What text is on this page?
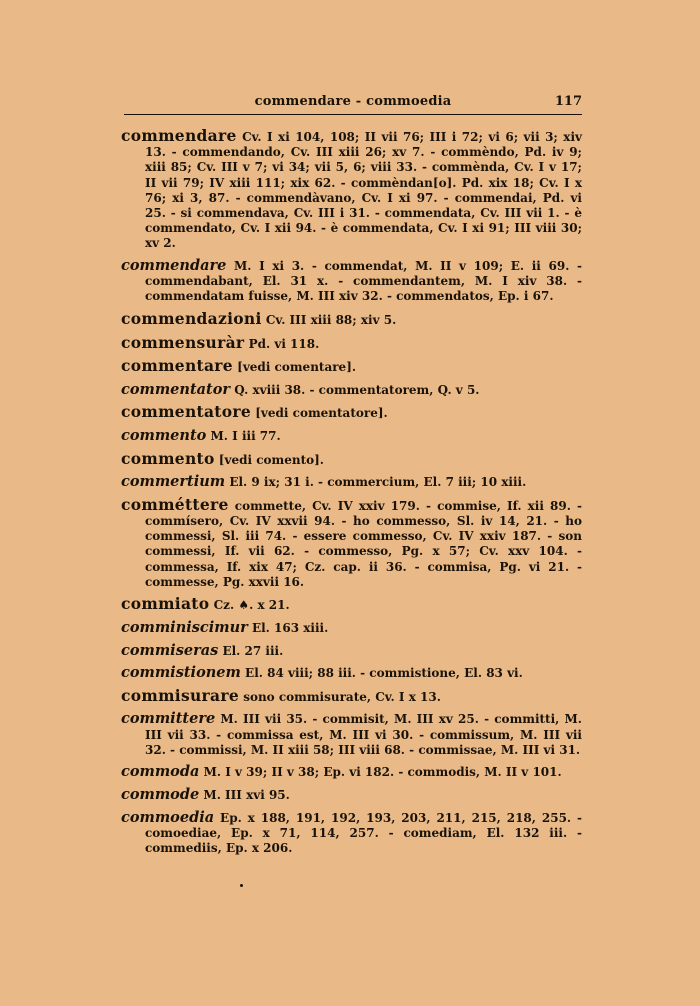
commendare - commoedia	117
commendare Cv. I xi 104, 108; II vii 76; III i 72; vi 6; vii 3; xiv 13. - commendando, Cv. III xiii 26; xv 7. - commèndo, Pd. iv 9; xiii 85; Cv. III v 7; vi 34; vii 5, 6; viii 33. - commènda, Cv. I v 17; II vii 79; IV xiii 111; xix 62. - commèndan[o]. Pd. xix 18; Cv. I x 76; xi 3, 87. - commendàvano, Cv. I xi 97. - commendai, Pd. vi 25. - si commendava, Cv. III i 31. - commendata, Cv. III vii 1. - è commendato, Cv. I xii 94. - è commendata, Cv. I xi 91; III viii 30; xv 2.
commendare M. I xi 3. - commendat, M. II v 109; E. ii 69. - commendabant, El. 31 x. - commendantem, M. I xiv 38. - commendatam fuisse, M. III xiv 32. - commendatos, Ep. i 67.
commendazioni Cv. III xiii 88; xiv 5.
commensuràr Pd. vi 118.
commentare [vedi comentare].
commentator Q. xviii 38. - commentatorem, Q. v 5.
commentatore [vedi comentatore].
commento M. I iii 77.
commento [vedi comento].
commertium El. 9 ix; 31 i. - commercium, El. 7 iii; 10 xiii.
comméttere commette, Cv. IV xxiv 179. - commise, If. xii 89. - commísero, Cv. IV xxvii 94. - ho commesso, Sl. iv 14, 21. - ho commessi, Sl. iii 74. - essere commesso, Cv. IV xxiv 187. - son commessi, If. vii 62. - commesso, Pg. x 57; Cv. xxv 104. - commessa, If. xix 47; Cz. cap. ii 36. - commisa, Pg. vi 21. - commesse, Pg. xxvii 16.
commiato Cz. ♠. x 21.
comminiscimur El. 163 xiii.
commiseras El. 27 iii.
commistionem El. 84 viii; 88 iii. - commistione, El. 83 vi.
commisurare sono commisurate, Cv. I x 13.
committere M. III vii 35. - commisit, M. III xv 25. - committi, M. III vii 33. - commissa est, M. III vi 30. - commissum, M. III vii 32. - commissi, M. II xiii 58; III viii 68. - commissae, M. III vi 31.
commoda M. I v 39; II v 38; Ep. vi 182. - commodis, M. II v 101.
commode M. III xvi 95.
commoedia Ep. x 188, 191, 192, 193, 203, 211, 215, 218, 255. - comoediae, Ep. x 71, 114, 257. - comediam, El. 132 iii. - commediis, Ep. x 206.
